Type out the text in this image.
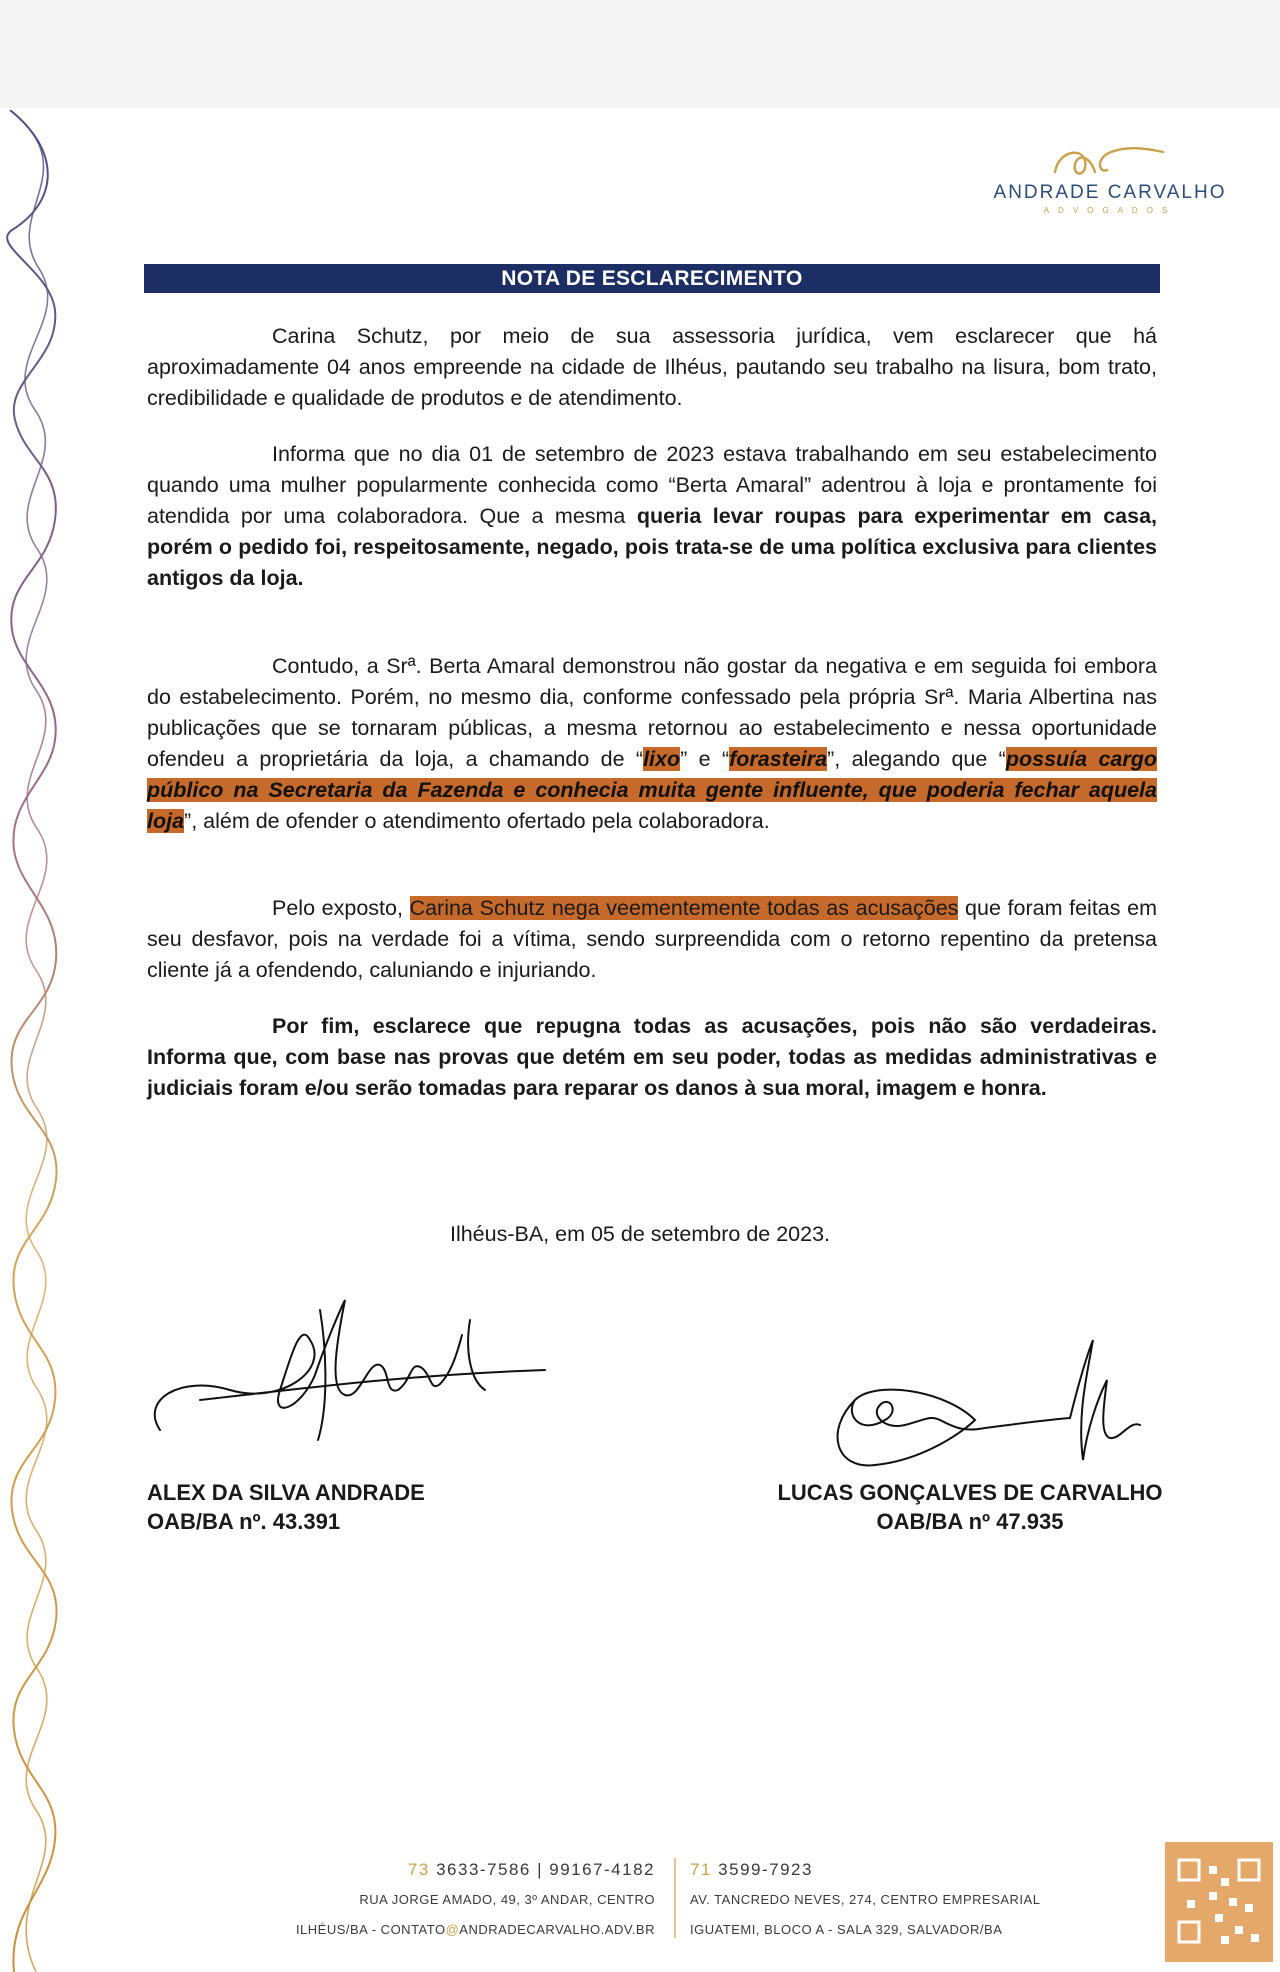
ANDRADE CARVALHO
ADVOGADOS
NOTA DE ESCLARECIMENTO

Carina Schutz, por meio de sua assessoria jurídica, vem esclarecer que há aproximadamente 04 anos empreende na cidade de Ilhéus, pautando seu trabalho na lisura, bom trato, credibilidade e qualidade de produtos e de atendimento.

Informa que no dia 01 de setembro de 2023 estava trabalhando em seu estabelecimento quando uma mulher popularmente conhecida como “Berta Amaral” adentrou à loja e prontamente foi atendida por uma colaboradora. Que a mesma queria levar roupas para experimentar em casa, porém o pedido foi, respeitosamente, negado, pois trata-se de uma política exclusiva para clientes antigos da loja.

Contudo, a Srª. Berta Amaral demonstrou não gostar da negativa e em seguida foi embora do estabelecimento. Porém, no mesmo dia, conforme confessado pela própria Srª. Maria Albertina nas publicações que se tornaram públicas, a mesma retornou ao estabelecimento e nessa oportunidade ofendeu a proprietária da loja, a chamando de “lixo” e “forasteira”, alegando que “possuía cargo público na Secretaria da Fazenda e conhecia muita gente influente, que poderia fechar aquela loja”, além de ofender o atendimento ofertado pela colaboradora.

Pelo exposto, Carina Schutz nega veementemente todas as acusações que foram feitas em seu desfavor, pois na verdade foi a vítima, sendo surpreendida com o retorno repentino da pretensa cliente já a ofendendo, caluniando e injuriando.

Por fim, esclarece que repugna todas as acusações, pois não são verdadeiras. Informa que, com base nas provas que detém em seu poder, todas as medidas administrativas e judiciais foram e/ou serão tomadas para reparar os danos à sua moral, imagem e honra.

Ilhéus-BA, em 05 de setembro de 2023.
ALEX DA SILVA ANDRADE
OAB/BA nº. 43.391
LUCAS GONÇALVES DE CARVALHO
OAB/BA nº 47.935
73 3633-7586 | 99167-4182
RUA JORGE AMADO, 49, 3º ANDAR, CENTRO
ILHÉUS/BA - CONTATO@ANDRADECARVALHO.ADV.BR
71 3599-7923
AV. TANCREDO NEVES, 274, CENTRO EMPRESARIAL
IGUATEMI, BLOCO A - SALA 329, SALVADOR/BA
